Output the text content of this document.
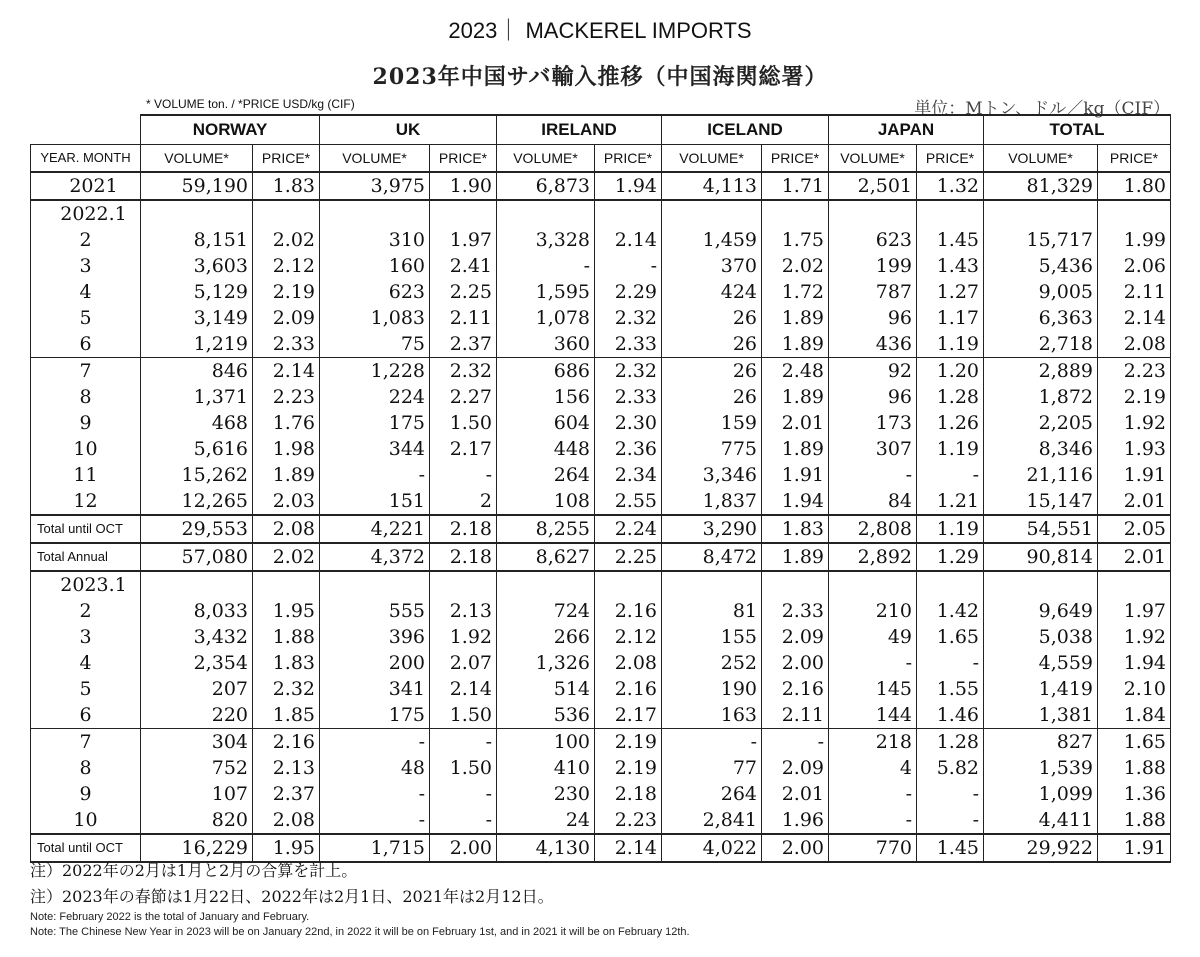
2023｜ MACKEREL IMPORTS
2023年中国サバ輸入推移（中国海関総署）
* VOLUME ton. / *PRICE USD/kg (CIF)	単位：Mトン、ドル／kg（CIF）
	NORWAY		UK		IRELAND		ICELAND		JAPAN		TOTAL	
YEAR. MONTH	VOLUME*	PRICE*	VOLUME*	PRICE*	VOLUME*	PRICE*	VOLUME*	PRICE*	VOLUME*	PRICE*	VOLUME*	PRICE*
2021	59,190	1.83	3,975	1.90	6,873	1.94	4,113	1.71	2,501	1.32	81,329	1.80
2022.1												
2	8,151	2.02	310	1.97	3,328	2.14	1,459	1.75	623	1.45	15,717	1.99
3	3,603	2.12	160	2.41	-	-	370	2.02	199	1.43	5,436	2.06
4	5,129	2.19	623	2.25	1,595	2.29	424	1.72	787	1.27	9,005	2.11
5	3,149	2.09	1,083	2.11	1,078	2.32	26	1.89	96	1.17	6,363	2.14
6	1,219	2.33	75	2.37	360	2.33	26	1.89	436	1.19	2,718	2.08
7	846	2.14	1,228	2.32	686	2.32	26	2.48	92	1.20	2,889	2.23
8	1,371	2.23	224	2.27	156	2.33	26	1.89	96	1.28	1,872	2.19
9	468	1.76	175	1.50	604	2.30	159	2.01	173	1.26	2,205	1.92
10	5,616	1.98	344	2.17	448	2.36	775	1.89	307	1.19	8,346	1.93
11	15,262	1.89	-	-	264	2.34	3,346	1.91	-	-	21,116	1.91
12	12,265	2.03	151	2	108	2.55	1,837	1.94	84	1.21	15,147	2.01
Total until OCT	29,553	2.08	4,221	2.18	8,255	2.24	3,290	1.83	2,808	1.19	54,551	2.05
Total Annual	57,080	2.02	4,372	2.18	8,627	2.25	8,472	1.89	2,892	1.29	90,814	2.01
2023.1												
2	8,033	1.95	555	2.13	724	2.16	81	2.33	210	1.42	9,649	1.97
3	3,432	1.88	396	1.92	266	2.12	155	2.09	49	1.65	5,038	1.92
4	2,354	1.83	200	2.07	1,326	2.08	252	2.00	-	-	4,559	1.94
5	207	2.32	341	2.14	514	2.16	190	2.16	145	1.55	1,419	2.10
6	220	1.85	175	1.50	536	2.17	163	2.11	144	1.46	1,381	1.84
7	304	2.16	-	-	100	2.19	-	-	218	1.28	827	1.65
8	752	2.13	48	1.50	410	2.19	77	2.09	4	5.82	1,539	1.88
9	107	2.37	-	-	230	2.18	264	2.01	-	-	1,099	1.36
10	820	2.08	-	-	24	2.23	2,841	1.96	-	-	4,411	1.88
Total until OCT	16,229	1.95	1,715	2.00	4,130	2.14	4,022	2.00	770	1.45	29,922	1.91
注）2022年の2月は1月と2月の合算を計上。
注）2023年の春節は1月22日、2022年は2月1日、2021年は2月12日。
Note: February 2022 is the total of January and February.
Note: The Chinese New Year in 2023 will be on January 22nd, in 2022 it will be on February 1st, and in 2021 it will be on February 12th.
